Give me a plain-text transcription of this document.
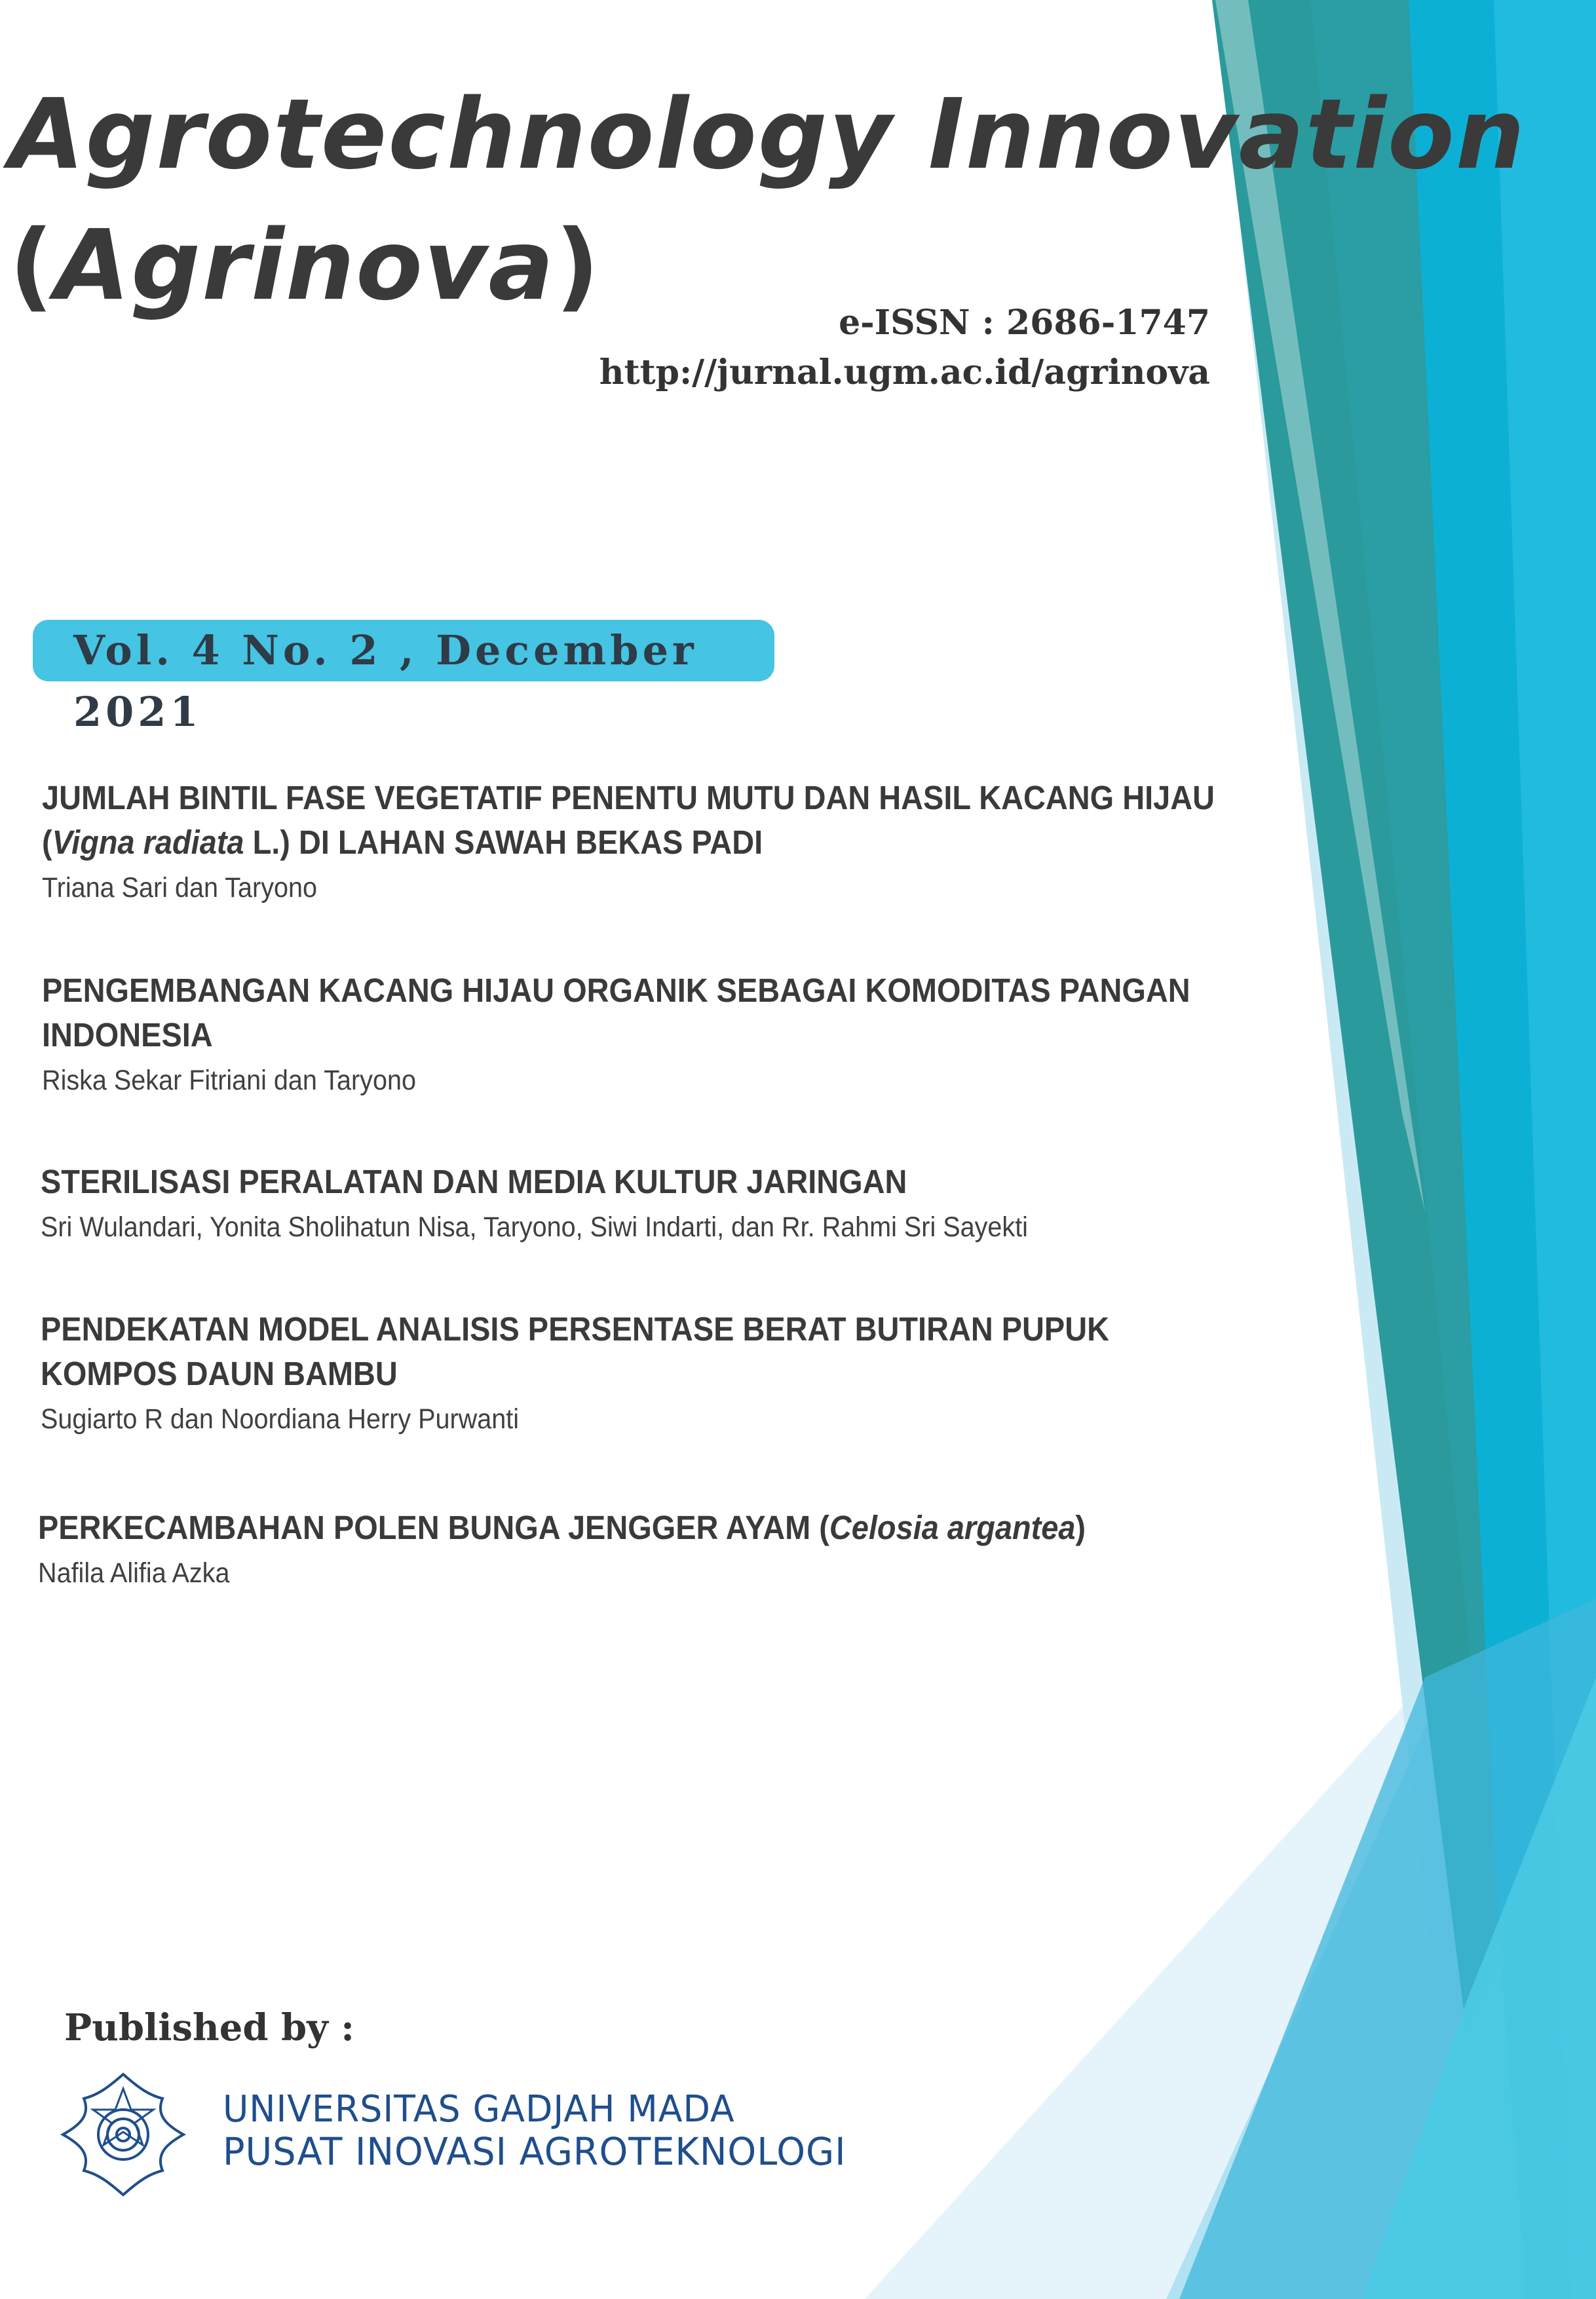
Agrotechnology Innovation
(Agrinova)
e-ISSN : 2686-1747
http://jurnal.ugm.ac.id/agrinova
Vol. 4 No. 2 , December 2021
JUMLAH BINTIL FASE VEGETATIF PENENTU MUTU DAN HASIL KACANG HIJAU
(Vigna radiata L.) DI LAHAN SAWAH BEKAS PADI
Triana Sari dan Taryono
PENGEMBANGAN KACANG HIJAU ORGANIK SEBAGAI KOMODITAS PANGAN
INDONESIA
Riska Sekar Fitriani dan Taryono
STERILISASI PERALATAN DAN MEDIA KULTUR JARINGAN
Sri Wulandari, Yonita Sholihatun Nisa, Taryono, Siwi Indarti, dan Rr. Rahmi Sri Sayekti
PENDEKATAN MODEL ANALISIS PERSENTASE BERAT BUTIRAN PUPUK
KOMPOS DAUN BAMBU
Sugiarto R dan Noordiana Herry Purwanti
PERKECAMBAHAN POLEN BUNGA JENGGER AYAM (Celosia argantea)
Nafila Alifia Azka
Published by :
UNIVERSITAS GADJAH MADA
PUSAT INOVASI AGROTEKNOLOGI
